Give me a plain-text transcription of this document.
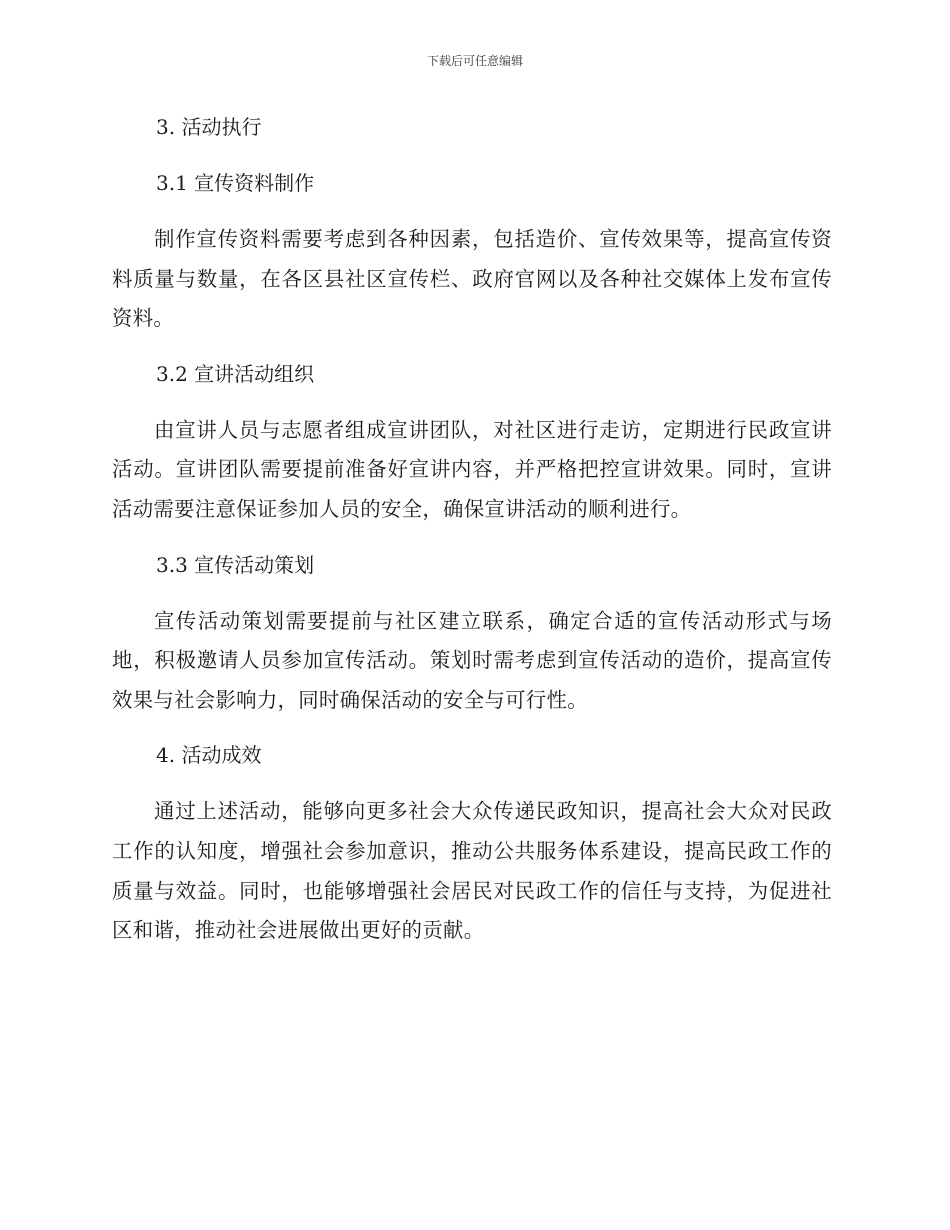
下载后可任意编辑
3. 活动执行
3.1 宣传资料制作

制作宣传资料需要考虑到各种因素，包括造价、宣传效果等，提高宣传资料质量与数量，在各区县社区宣传栏、政府官网以及各种社交媒体上发布宣传资料。

3.2 宣讲活动组织

由宣讲人员与志愿者组成宣讲团队，对社区进行走访，定期进行民政宣讲活动。宣讲团队需要提前准备好宣讲内容，并严格把控宣讲效果。同时，宣讲活动需要注意保证参加人员的安全，确保宣讲活动的顺利进行。

3.3 宣传活动策划

宣传活动策划需要提前与社区建立联系，确定合适的宣传活动形式与场地，积极邀请人员参加宣传活动。策划时需考虑到宣传活动的造价，提高宣传效果与社会影响力，同时确保活动的安全与可行性。

4. 活动成效

通过上述活动，能够向更多社会大众传递民政知识，提高社会大众对民政工作的认知度，增强社会参加意识，推动公共服务体系建设，提高民政工作的质量与效益。同时，也能够增强社会居民对民政工作的信任与支持，为促进社区和谐，推动社会进展做出更好的贡献。
